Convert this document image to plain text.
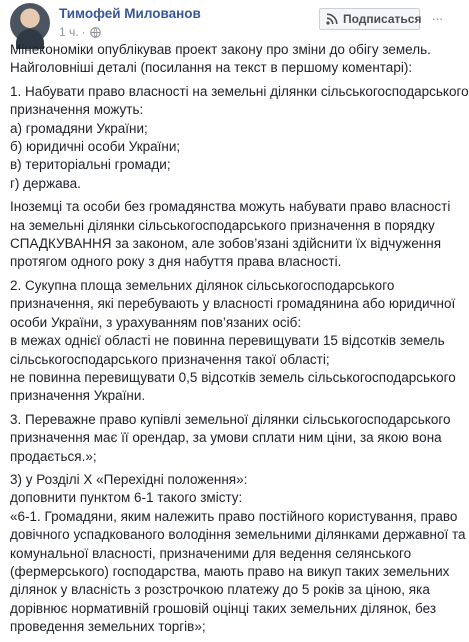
Тимофей Милованов
1 ч. ·
Подписаться ···
Мінекономіки опублікував проект закону про зміни до обігу земель.
Найголовніші деталі (посилання на текст в першому коментарі):
1. Набувати право власності на земельні ділянки сільськогосподарського
призначення можуть:
а) громадяни України;
б) юридичні особи України;
в) територіальні громади;
г) держава.
Іноземці та особи без громадянства можуть набувати право власності
на земельні ділянки сільськогосподарського призначення в порядку
СПАДКУВАННЯ за законом, але зобов’язані здійснити їх відчуження
протягом одного року з дня набуття права власності.
2. Сукупна площа земельних ділянок сільськогосподарського
призначення, які перебувають у власності громадянина або юридичної
особи України, з урахуванням пов’язаних осіб:
в межах однієї області не повинна перевищувати 15 відсотків земель
сільськогосподарського призначення такої області;
не повинна перевищувати 0,5 відсотків земель сільськогосподарського
призначення України.
3. Переважне право купівлі земельної ділянки сільськогосподарського
призначення має її орендар, за умови сплати ним ціни, за якою вона
продається.»;
3) у Розділі Х «Перехідні положення»:
доповнити пунктом 6-1 такого змісту:
«6-1. Громадяни, яким належить право постійного користування, право
довічного успадкованого володіння земельними ділянками державної та
комунальної власності, призначеними для ведення селянського
(фермерського) господарства, мають право на викуп таких земельних
ділянок у власність з розстрочкою платежу до 5 років за ціною, яка
дорівнює нормативній грошовій оцінці таких земельних ділянок, без
проведення земельних торгів»;
